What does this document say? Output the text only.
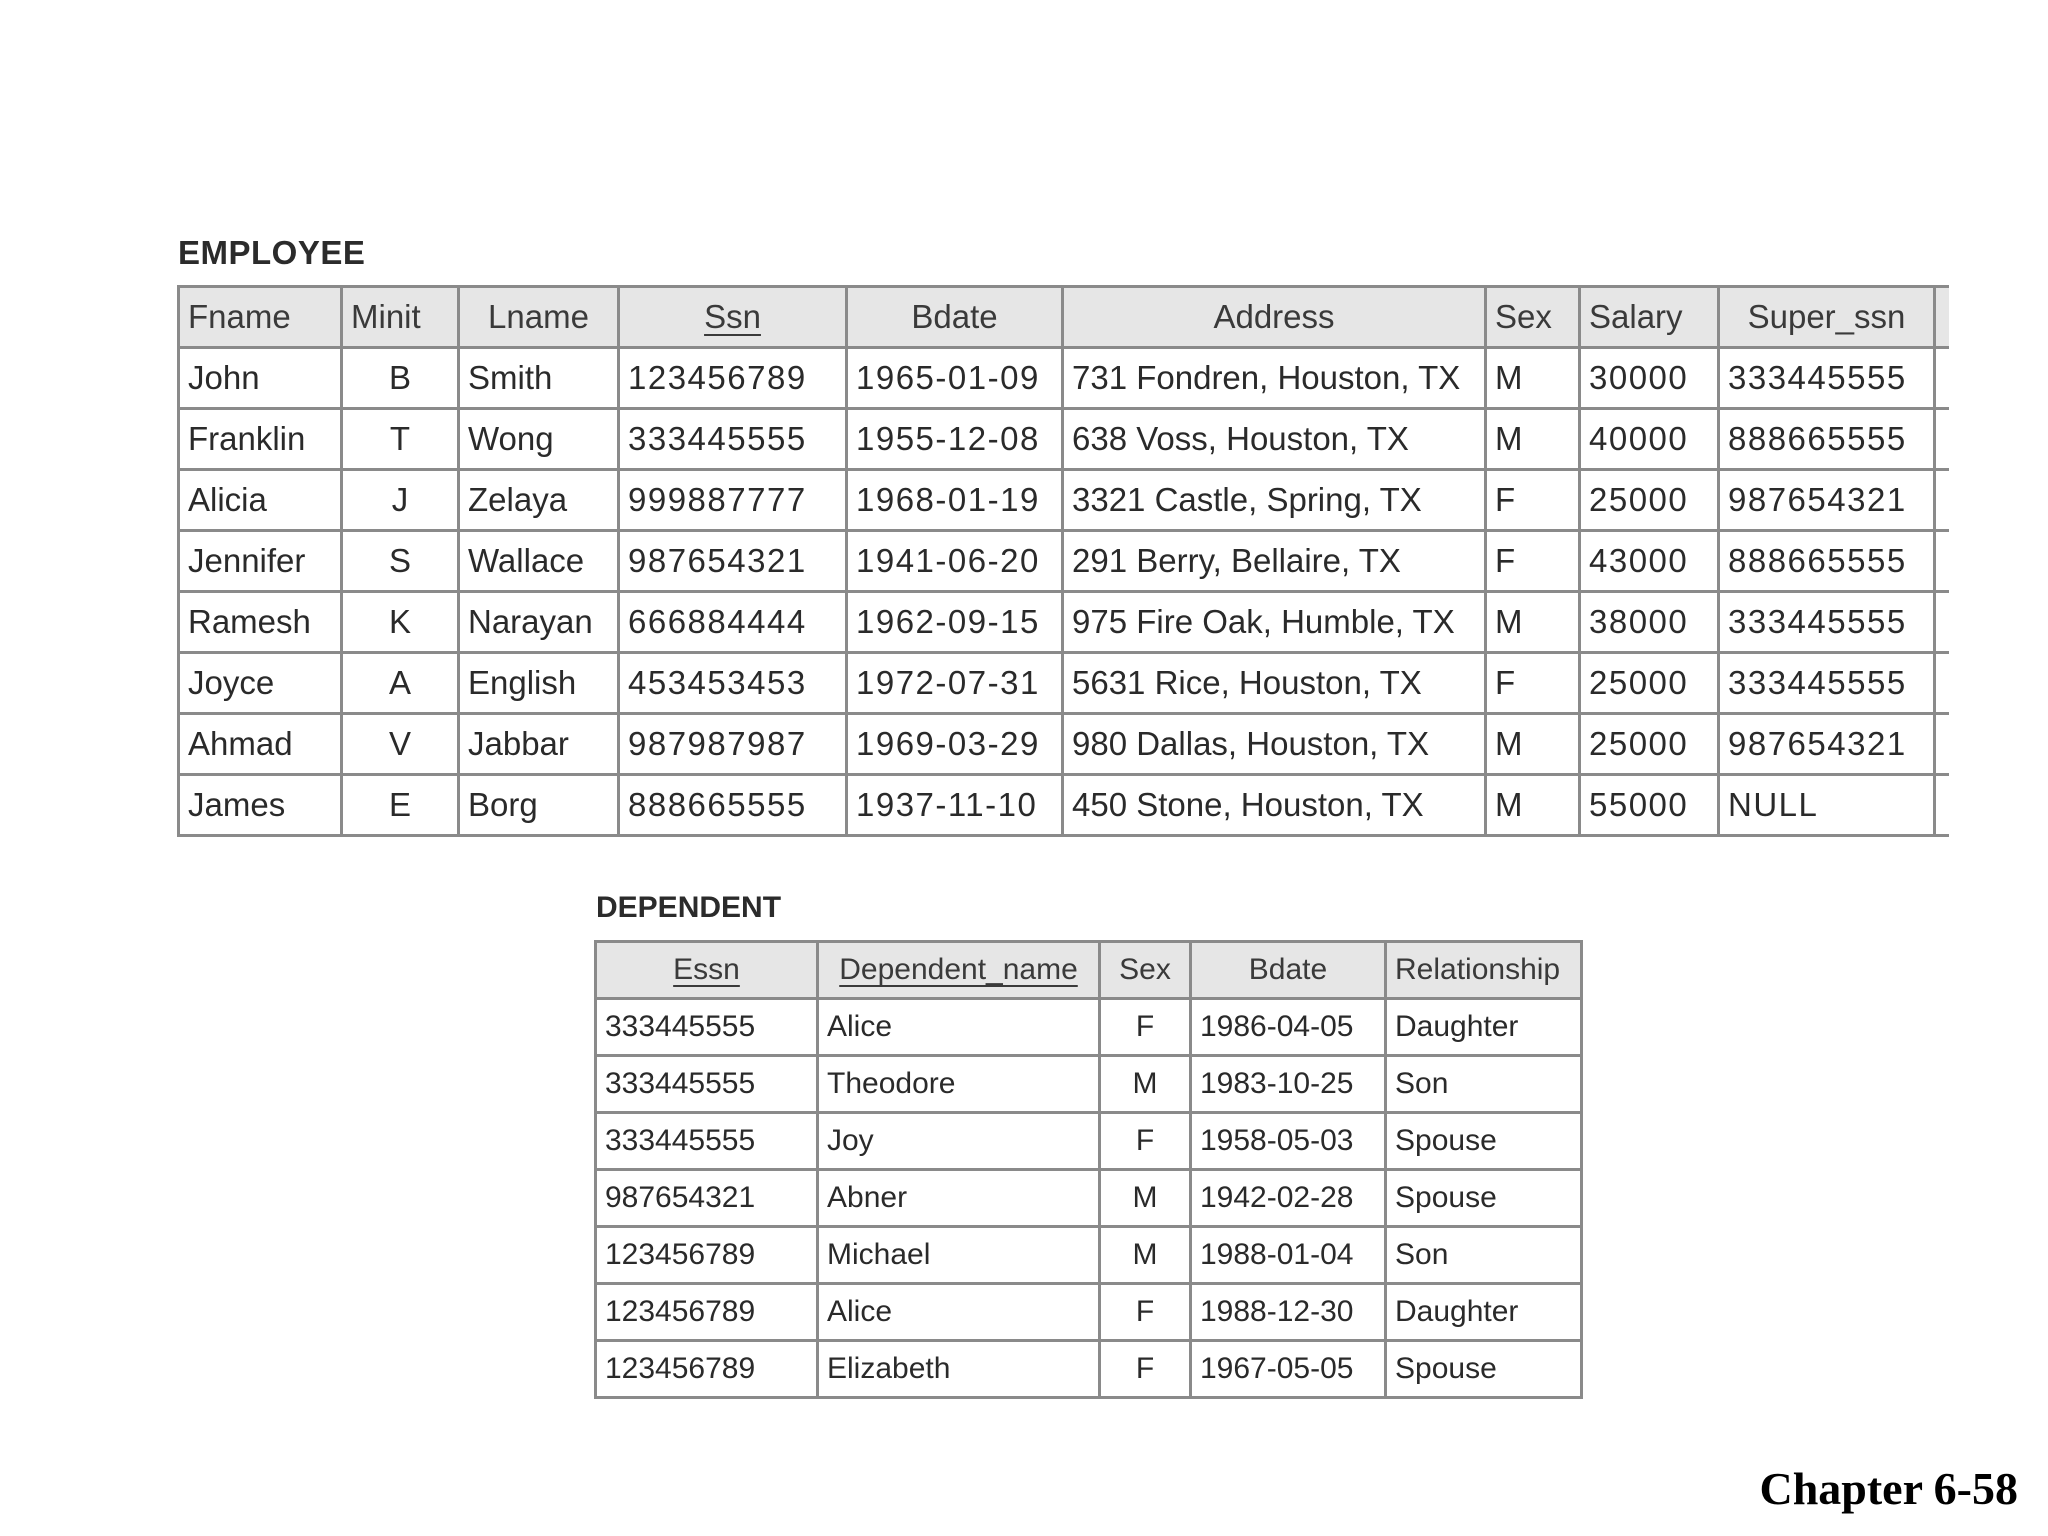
EMPLOYEE
Fname	Minit	Lname	Ssn	Bdate	Address	Sex	Salary	Super_ssn	
John	B	Smith	123456789	1965-01-09	731 Fondren, Houston, TX	M	30000	333445555	
Franklin	T	Wong	333445555	1955-12-08	638 Voss, Houston, TX	M	40000	888665555	
Alicia	J	Zelaya	999887777	1968-01-19	3321 Castle, Spring, TX	F	25000	987654321	
Jennifer	S	Wallace	987654321	1941-06-20	291 Berry, Bellaire, TX	F	43000	888665555	
Ramesh	K	Narayan	666884444	1962-09-15	975 Fire Oak, Humble, TX	M	38000	333445555	
Joyce	A	English	453453453	1972-07-31	5631 Rice, Houston, TX	F	25000	333445555	
Ahmad	V	Jabbar	987987987	1969-03-29	980 Dallas, Houston, TX	M	25000	987654321	
James	E	Borg	888665555	1937-11-10	450 Stone, Houston, TX	M	55000	NULL	
DEPENDENT
Essn	Dependent_name	Sex	Bdate	Relationship
333445555	Alice	F	1986-04-05	Daughter
333445555	Theodore	M	1983-10-25	Son
333445555	Joy	F	1958-05-03	Spouse
987654321	Abner	M	1942-02-28	Spouse
123456789	Michael	M	1988-01-04	Son
123456789	Alice	F	1988-12-30	Daughter
123456789	Elizabeth	F	1967-05-05	Spouse
Chapter 6-58
